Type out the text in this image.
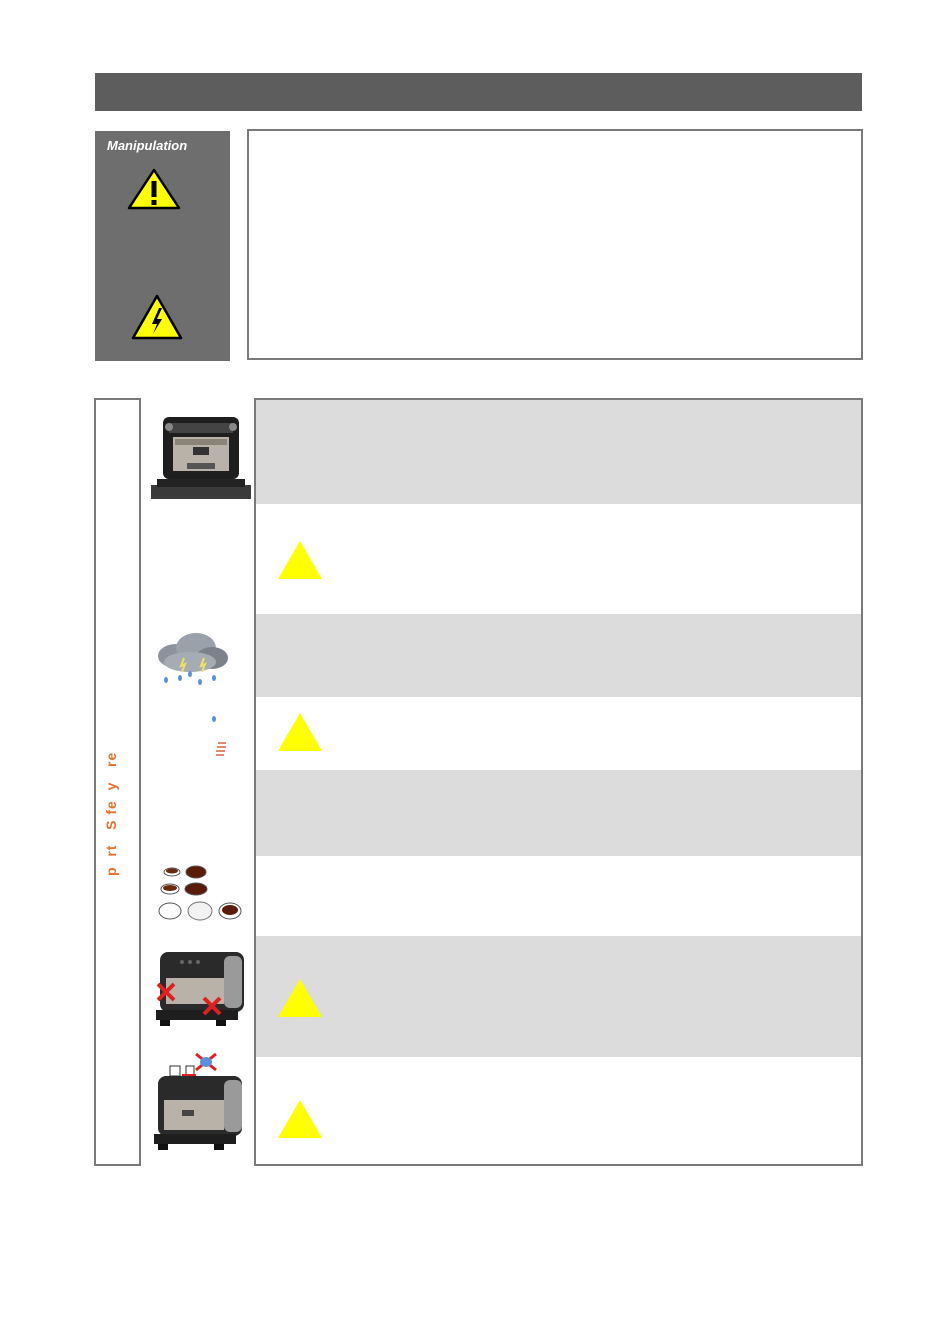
Manipulation
p  rt   S fe  y   re
